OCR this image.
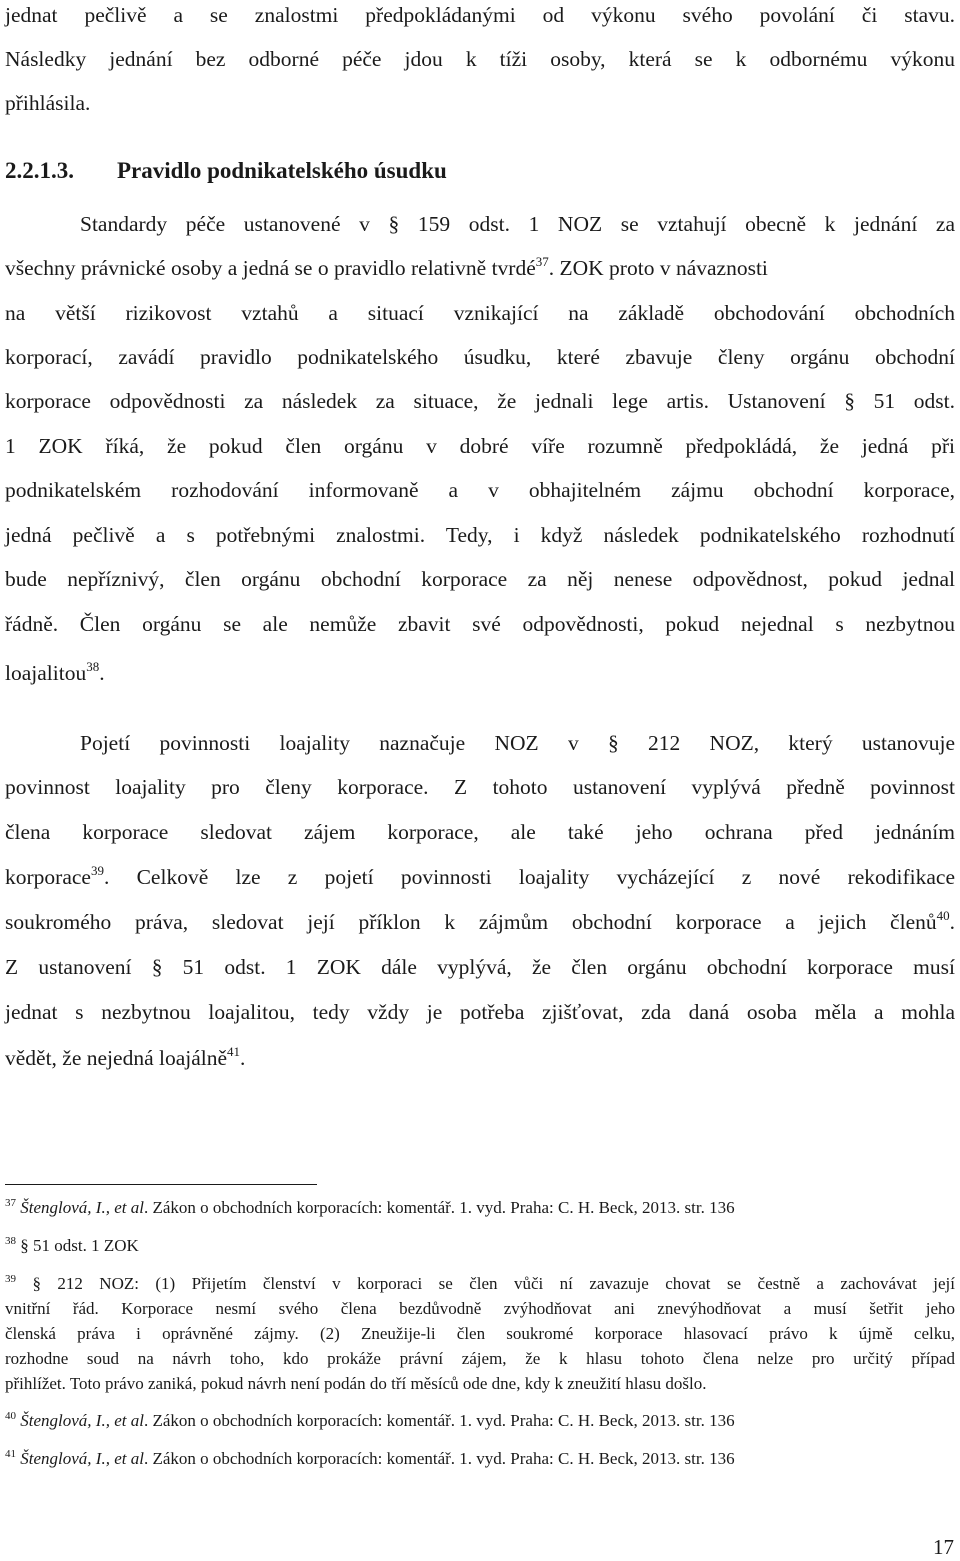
jednat pečlivě a se znalostmi předpokládanými od výkonu svého povolání či stavu.
Následky jednání bez odborné péče jdou k tíži osoby, která se k odbornému výkonu
přihlásila.
2.2.1.3. Pravidlo podnikatelského úsudku
Standardy péče ustanovené v § 159 odst. 1 NOZ se vztahují obecně k jednání za
všechny právnické osoby a jedná se o pravidlo relativně tvrdé$^{37}$. ZOK proto v návaznosti
na větší rizikovost vztahů a situací vznikající na základě obchodování obchodních
korporací, zavádí pravidlo podnikatelského úsudku, které zbavuje členy orgánu obchodní
korporace odpovědnosti za následek za situace, že jednali lege artis. Ustanovení § 51 odst.
1 ZOK říká, že pokud člen orgánu v dobré víře rozumně předpokládá, že jedná při
podnikatelském rozhodování informovaně a v obhajitelném zájmu obchodní korporace,
jedná pečlivě a s potřebnými znalostmi. Tedy, i když následek podnikatelského rozhodnutí
bude nepříznivý, člen orgánu obchodní korporace za něj nenese odpovědnost, pokud jednal
řádně. Člen orgánu se ale nemůže zbavit své odpovědnosti, pokud nejednal s nezbytnou
loajalitou$^{38}$.
Pojetí povinnosti loajality naznačuje NOZ v § 212 NOZ, který ustanovuje
povinnost loajality pro členy korporace. Z tohoto ustanovení vyplývá předně povinnost
člena korporace sledovat zájem korporace, ale také jeho ochrana před jednáním
korporace$^{39}$. Celkově lze z pojetí povinnosti loajality vycházející z nové rekodifikace
soukromého práva, sledovat její příklon k zájmům obchodní korporace a jejich členů$^{40}$.
Z ustanovení § 51 odst. 1 ZOK dále vyplývá, že člen orgánu obchodní korporace musí
jednat s nezbytnou loajalitou, tedy vždy je potřeba zjišťovat, zda daná osoba měla a mohla
vědět, že nejedná loajálně$^{41}$.
$^{37}$ Štenglová, I., et al. Zákon o obchodních korporacích: komentář. 1. vyd. Praha: C. H. Beck, 2013. str. 136
$^{38}$ § 51 odst. 1 ZOK
$^{39}$ § 212 NOZ: (1) Přijetím členství v korporaci se člen vůči ní zavazuje chovat se čestně a zachovávat její
vnitřní řád. Korporace nesmí svého člena bezdůvodně zvýhodňovat ani znevýhodňovat a musí šetřit jeho
členská práva i oprávněné zájmy. (2) Zneužije-li člen soukromé korporace hlasovací právo k újmě celku,
rozhodne soud na návrh toho, kdo prokáže právní zájem, že k hlasu tohoto člena nelze pro určitý případ
přihlížet. Toto právo zaniká, pokud návrh není podán do tří měsíců ode dne, kdy k zneužití hlasu došlo.
$^{40}$ Štenglová, I., et al. Zákon o obchodních korporacích: komentář. 1. vyd. Praha: C. H. Beck, 2013. str. 136
$^{41}$ Štenglová, I., et al. Zákon o obchodních korporacích: komentář. 1. vyd. Praha: C. H. Beck, 2013. str. 136
17
